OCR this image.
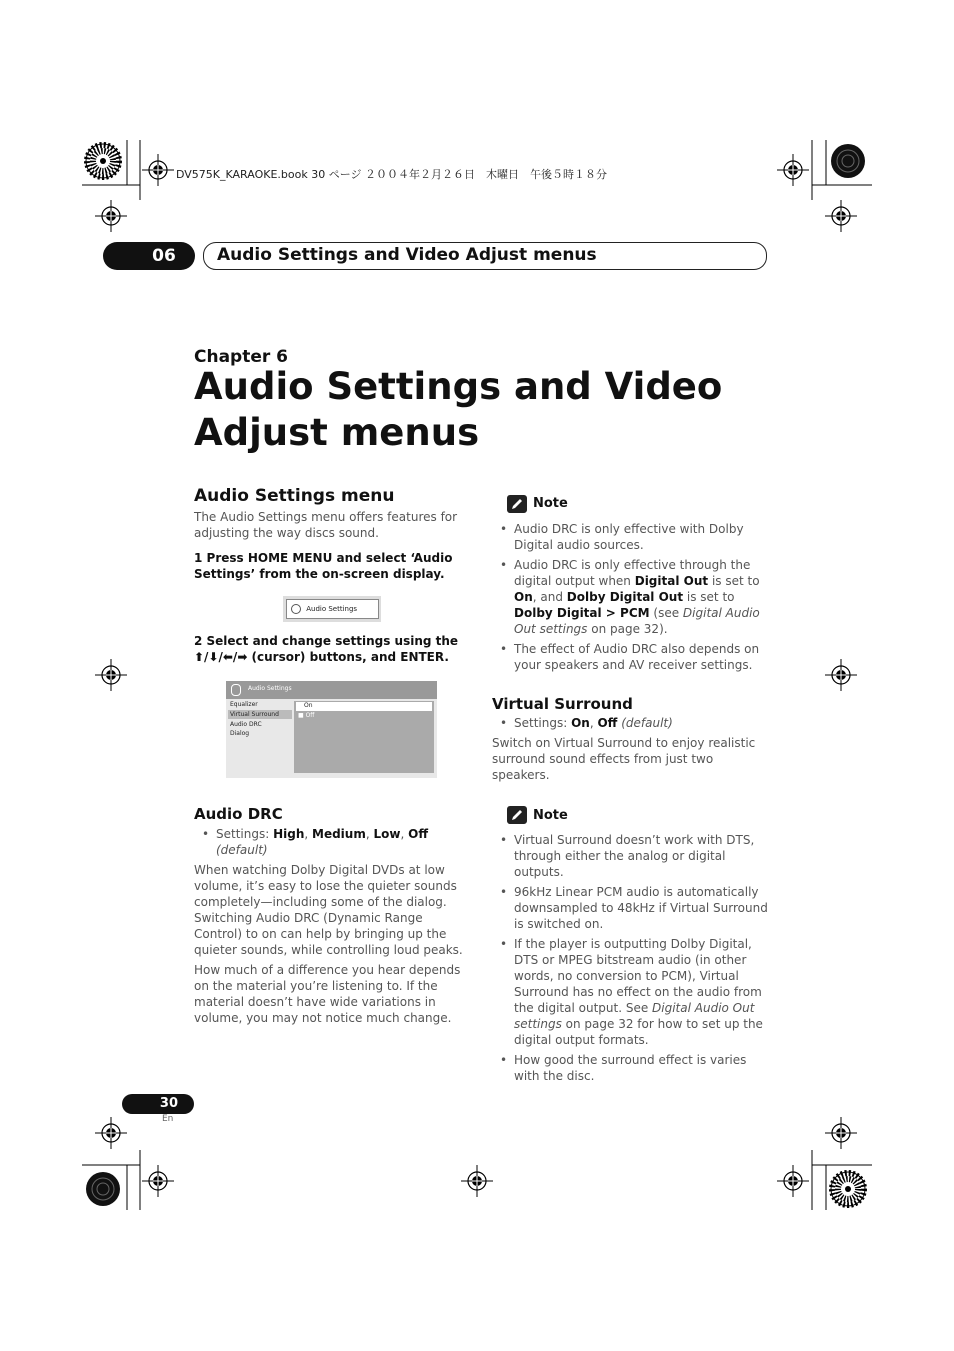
DV575K_KARAOKE.book 30 ページ ２００４年２月２６日　木曜日　午後５時１８分
06	Audio Settings and Video Adjust menus
Chapter 6
Audio Settings and Video
Adjust menus
Audio Settings menu
The Audio Settings menu offers features for adjusting the way discs sound.
1 Press HOME MENU and select ‘Audio Settings’ from the on-screen display.
Audio Settings
2 Select and change settings using the ⬆/⬇/⬅/➡ (cursor) buttons, and ENTER.
Audio Settings
Equalizer
Virtual Surround
Audio DRC
Dialog
On
■ Off
Audio DRC
• Settings: High, Medium, Low, Off
(default)
When watching Dolby Digital DVDs at low volume, it’s easy to lose the quieter sounds completely—including some of the dialog. Switching Audio DRC (Dynamic Range Control) to on can help by bringing up the quieter sounds, while controlling loud peaks.
How much of a difference you hear depends on the material you’re listening to. If the material doesn’t have wide variations in volume, you may not notice much change.
Note
• Audio DRC is only effective with Dolby Digital audio sources.
• Audio DRC is only effective through the digital output when Digital Out is set to On, and Dolby Digital Out is set to Dolby Digital > PCM (see Digital Audio Out settings on page 32).
• The effect of Audio DRC also depends on your speakers and AV receiver settings.
Virtual Surround
• Settings: On, Off (default)
Switch on Virtual Surround to enjoy realistic surround sound effects from just two speakers.
Note
• Virtual Surround doesn’t work with DTS, through either the analog or digital outputs.
• 96kHz Linear PCM audio is automatically downsampled to 48kHz if Virtual Surround is switched on.
• If the player is outputting Dolby Digital, DTS or MPEG bitstream audio (in other words, no conversion to PCM), Virtual Surround has no effect on the audio from the digital output. See Digital Audio Out settings on page 32 for how to set up the digital output formats.
• How good the surround effect is varies with the disc.
30
En
